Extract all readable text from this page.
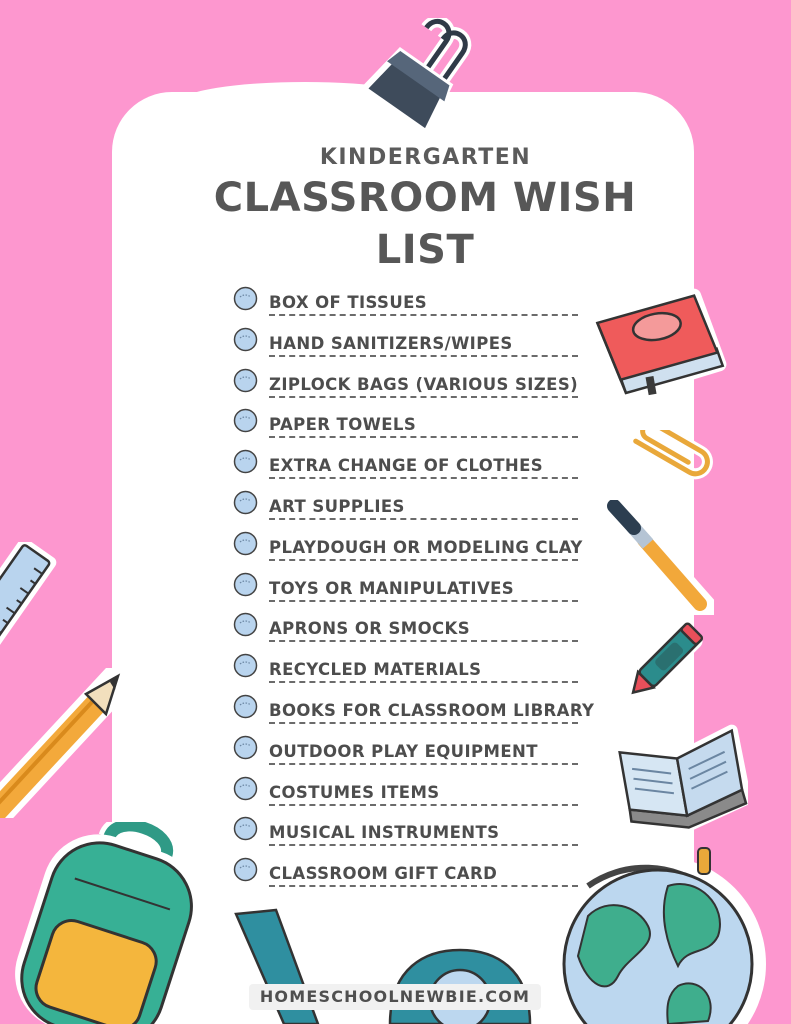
KINDERGARTEN
CLASSROOM WISH LIST
BOX OF TISSUES
HAND SANITIZERS/WIPES
ZIPLOCK BAGS (VARIOUS SIZES)
PAPER TOWELS
EXTRA CHANGE OF CLOTHES
ART SUPPLIES
PLAYDOUGH OR MODELING CLAY
TOYS OR MANIPULATIVES
APRONS OR SMOCKS
RECYCLED MATERIALS
BOOKS FOR CLASSROOM LIBRARY
OUTDOOR PLAY EQUIPMENT
COSTUMES ITEMS
MUSICAL INSTRUMENTS
CLASSROOM GIFT CARD
HOMESCHOOLNEWBIE.COM
